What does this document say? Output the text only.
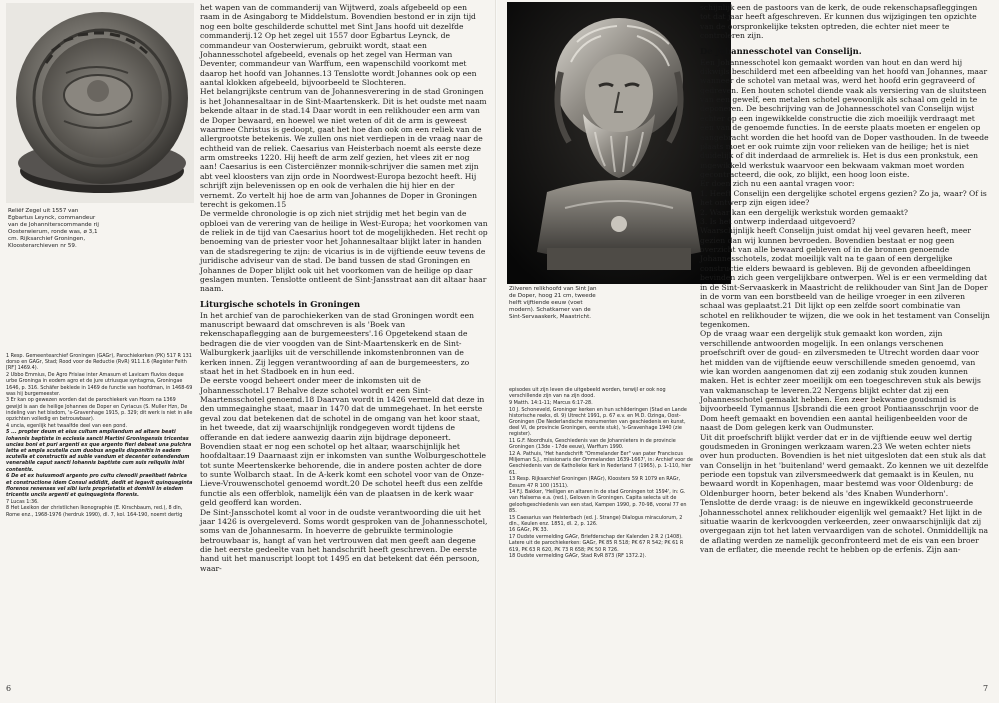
Reliëf Zegel uit 1557 van Egbartus Leynck, commandeur van de Johanniterscommande rij Oosterwierum, ronde was, ø 3,1 cm. Rijksarchief Groningen, Kloosterarchieven nr 59.

1 Resp. Gemeentearchief Groningen (GAGr), Parochiekerken (PK) 517 R 131 dorso en GAGr, Stad; Rood voor de Reductie (RvR) 911.1.6 (Register Feith [RF] 1469.4).

2 Ubbo Emmius, De Agro Frisiae inter Amasum et Lavicam fluvios deque urbe Groninga in eodem agro et de jure utriusque syntagma, Groningae 1646, p. 316. Schäfer beklede in 1469 de functie van hoofdman, in 1468-69 was hij burgemeester.

3 Er kan op gewezen worden dat de parochiekerk van Hoorn na 1369 gewijd is aan de heilige Johannes de Doper en Cyriacus (S. Muller Hzn, De indeling van het bisdom, 's-Gravenhage 1915, p. 329; dit werk is niet in alle opzichten volledig en betrouwbaar).

4 uncia, egenlijk het twaalfde deel van een pond.

5 ... propter deum et eius cultum ampliandum ad altare beati Iohannis baptiste in ecclesia sancti Martini Groningensis tricentas uncias boni et puri argenti ex que argento fieri debeat una pulchra latta et ampla scutella cum duobus angelis disponitis in eadem scutella et constructis ad suble vandum et decenter ostendendum venerabile caput sancti Iohannis baptiste cum suis reliquiis inibi contentis.

6 De et ex huiusmodi argento pro cultu clenodii praelibati fabrica et constructione idem Consul addidit, dedit et legavit quinquaginta florenos renenses vel sibi iuris proprietatis et dominii in eisdem tricentis unciis argenti et quinquaginta florenis.

7 Lucas 1:36.

8 Het Lexikon der christlichen Ikonographie (E. Kirschbaum, red.), 8 dln, Rome enz., 1968-1976 (herdruk 1990), dl. 7, kol. 164-190, noemt dertig

het wapen van de commanderij van Wijtwerd, zoals afgebeeld op een raam in de Asingaborg te Middelstum. Bovendien bestond er in zijn tijd nog een bolte geschilderde schuttel met Sint Jans hoofd uit dezelfde commanderij.12 Op het zegel uit 1557 door Egbartus Leynck, de commandeur van Oosterwierum, gebruikt wordt, staat een Johannesschotel afgebeeld, evenals op het zegel van Herman van Deventer, commandeur van Warffum, een wapenschild voorkomt met daarop het hoofd van Johannes.13 Tenslotte wordt Johannes ook op een aantal klokken afgebeeld, bijvoorbeeld te Slochteren.

Het belangrijkste centrum van de Johannesverering in de stad Groningen is het Johannesaltaar in de Sint-Maartenskerk. Dit is het oudste met naam bekende altaar in de stad.14 Daar wordt in een relikhouder een arm van de Doper bewaard, en hoewel we niet weten of dit de arm is geweest waarmee Christus is gedoopt, gaat het hoe dan ook om een reliek van de allergrootste betekenis. We zullen ons niet verdiepen in de vraag naar de echtheid van de reliek. Caesarius van Heisterbach noemt als eerste deze arm omstreeks 1220. Hij heeft de arm zelf gezien, het vlees zit er nog aan! Caesarius is een Cisterciënzer monnik-schrijver die samen met zijn abt veel kloosters van zijn orde in Noordwest-Europa bezocht heeft. Hij schrijft zijn belevenissen op en ook de verhalen die hij hier en der vernemt. Zo vertelt hij hoe de arm van Johannes de Doper in Groningen terecht is gekomen.15

De vermelde chronologie is op zich niet strijdig met het begin van de opbloei van de verering van de heilige in West-Europa; het voorkomen van de reliek in de tijd van Caesarius hoort tot de mogelijkheden. Het recht op benoeming van de priester voor het Johannesaltaar blijkt later in handen van de stadsregering te zijn: de vicarius is in de vijftiende eeuw tevens de juridische adviseur van de stad. De band tussen de stad Groningen en Johannes de Doper blijkt ook uit het voorkomen van de heilige op daar geslagen munten. Tenslotte ontleent de Sint-Jansstraat aan dit altaar haar naam.

Liturgische schotels in Groningen

In het archief van de parochiekerken van de stad Groningen wordt een manuscript bewaard dat omschreven is als 'Boek van rekenschapaflegging aan de burgemeesters'.16 Opgetekend staan de bedragen die de vier voogden van de Sint-Maartenskerk en de Sint-Walburgkerk jaarlijks uit de verschillende inkomstenbronnen van de kerken innen. Zij leggen verantwoording af aan de burgemeesters, zo staat het in het Stadboek en in hun eed.

De eerste voogd beheert onder meer de inkomsten uit de Johannesschotel.17 Behalve deze schotel wordt er een Sint-Maartensschotel genoemd.18 Daarvan wordt in 1426 vermeld dat deze in den ummegainghe staat, maar in 1470 dat de ummegehaet. In het eerste geval zou dat betekenen dat de schotel in de omgang van het koor staat, in het tweede, dat zij waarschijnlijk rondgegeven wordt tijdens de offerande en dat iedere aanwezig daarin zijn bijdrage deponeert. Bovendien staat er nog een schotel op het altaar, waarschijnlijk het hoofdaltaar.19 Daarnaast zijn er inkomsten van sunthe Wolburgeschottele tot sunte Meertenskerke behorende, die in andere posten achter de dore to sunte Wolbarch staat. In de A-kerk komt een schotel voor van de Onze-Lieve-Vrouwenschotel genoemd wordt.20 De schotel heeft dus een zelfde functie als een offerblok, namelijk één van de plaatsen in de kerk waar geld geofferd kan worden.

De Sint-Jansschotel komt al voor in de oudste verantwoording die uit het jaar 1426 is overgeleverd. Soms wordt gesproken van de Johannesschotel, soms van de Johannesarm. In hoeverre de gebruikte terminologie betrouwbaar is, hangt af van het vertrouwen dat men geeft aan degene die het eerste gedeelte van het handschrift heeft geschreven. De eerste hand uit het manuscript loopt tot 1495 en dat betekent dat één persoon, waar-

6

Zilveren relikhoofd van Sint Jan de Doper, hoog 21 cm, tweede helft vijftiende eeuw (voet modern). Schatkamer van de Sint-Servaaskerk, Maastricht.

episodes uit zijn leven die uitgebeeld worden, terwijl er ook nog verschillende zijn van na zijn dood.

9 Matth. 14:1-11; Marcus 6:17-28.

10 J. Schoneveld, Groninger kerken en hun schilderingen (Stad en Lande historische reeks, dl. 9) Utrecht 1991, p. 67 e.v. en M.D. Ozinga, Oost-Groningen (De Nederlandsche monumenten van geschiedenis en kunst, deel VI, de provincie Groningen, eerste stuk), 's-Gravenhage 1940 (zie register).

11 G.F. Noordhuis, Geschiedenis van de Johannieters in de provincie Groningen (13de - 17de eeuw), Warffum 1990.

12 A. Pathuis, 'Het handschrift "Ommelander Eer" van pater Franciscus Miljeman S.J., missionaris der Ommelanden 1639-1667', in: Archief voor de Geschiedenis van de Katholieke Kerk in Nederland 7 (1965), p. 1-110, hier 61.

13 Resp. Rijksarchief Groningen (RAGr), Kloosters 59 R 1079 en RAGr, Eesum 47 R 100 (1511).

14 F.J. Bakker, 'Heiligen en altaren in de stad Groningen tot 1594', in: G. van Halsema e.a. (red.), Geloven in Groningen. Capita selecta uit de geloofsgeschiedenis van een stad, Kampen 1990, p. 70-98, vooral 77 en 85.

15 Caesarius van Heisterbach (ed. J. Strange) Dialogus miraculorum, 2 dln., Keulen enz. 1851, dl. 2, p. 126.

16 GAGr, PK 33.

17 Oudste vermelding GAGr, Briefderschap der Kalenden 2 R 2 (1408). Latere uit de parochiekerken: GAGr, PK 85 R 518; PK 67 R 542; PK 61 R 619, PK 63 R 620, PK 73 R 658; PK 50 R 726.

18 Oudste vermelding GAGr, Stad RvR 873 (RF 1372.2).

schijnlijk een de pastoors van de kerk, de oude rekenschapsafleggingen tot dat jaar heeft afgeschreven. Er kunnen dus wijzigingen ten opzichte van de oorspronkelijke teksten optreden, die echter niet meer te controleren zijn.

De Johannesschotel van Conselijn.

Een Johannesschotel kon gemaakt worden van hout en dan werd hij dikwijls beschilderd met een afbeelding van het hoofd van Johannes, maar wanneer de schotel van metaal was, werd het hoofd erin gegraveerd of gedreven. Een houten schotel diende vaak als versiering van de sluitsteen van een gewelf, een metalen schotel gewoonlijk als schaal om geld in te deponeren. De beschrijving van de Johannesschotel van Conselijn wijst echter op een ingewikkelde constructie die zich moeilijk verdraagt met één van de genoemde functies. In de eerste plaats moeten er engelen op aangebracht worden die het hoofd van de Doper vasthouden. In de tweede plaats moet er ook ruimte zijn voor relieken van de heilige; het is niet duidelijk of dit inderdaad de armreliek is. Het is dus een pronkstuk, een ingewikkeld werkstuk waarvoor een bekwaam vakman moet worden gecontracteerd, die ook, zo blijkt, een hoog loon eiste.

Er doen zich nu een aantal vragen voor:

1. Heeft Conselijn een dergelijke schotel ergens gezien? Zo ja, waar? Of is het ontwerp zijn eigen idee?

2. Waar kan een dergelijk werkstuk worden gemaakt?

3. Is het ontwerp inderdaad uitgevoerd?

Waarschijnlijk heeft Conselijn juist omdat hij veel gevaren heeft, meer gezien dan wij kunnen bevroeden. Bovendien bestaat er nog geen overzicht van alle bewaard gebleven of in de bronnen genoemde Johannesschotels, zodat moeilijk valt na te gaan of een dergelijke constructie elders bewaard is gebleven. Bij de gevonden afbeeldingen bevinden zich geen vergelijkbare ontwerpen. Wel is er een vermelding dat in de Sint-Servaaskerk in Maastricht de relikhouder van Sint Jan de Doper in de vorm van een borstbeeld van de heilige vroeger in een zilveren schaal was geplaatst.21 Dit lijkt op een zelfde soort combinatie van schotel en relikhouder te wijzen, die we ook in het testament van Conselijn tegenkomen.

Op de vraag waar een dergelijk stuk gemaakt kon worden, zijn verschillende antwoorden mogelijk. In een onlangs verschenen proefschrift over de goud- en zilversmeden te Utrecht worden daar voor het midden van de vijftiende eeuw verschillende smeden genoemd, van wie kan worden aangenomen dat zij een zodanig stuk zouden kunnen maken. Het is echter zeer moeilijk om een toegeschreven stuk als bewijs van vakmanschap te leveren.22 Nergens blijkt echter dat zij een Johannesschotel gemaakt hebben. Een zeer bekwame goudsmid is bijvoorbeeld Tymannus IJsbrandi die een groot Pontiaansschrijn voor de Dom heeft gemaakt en bovendien een aantal heiligenbeelden voor de naast de Dom gelegen kerk van Oudmunster.

Uit dit proefschrift blijkt verder dat er in de vijftiende eeuw wel dertig goudsmeden in Groningen werkzaam waren.23 We weten echter niets over hun producten. Bovendien is het niet uitgesloten dat een stuk als dat van Conselijn in het 'buitenland' werd gemaakt. Zo kennen we uit dezelfde periode een topstuk van zilversmeedwerk dat gemaakt is in Keulen, nu bewaard wordt in Kopenhagen, maar bestemd was voor Oldenburg: de Oldenburger hoorn, beter bekend als 'des Knaben Wunderhorn'.

Tenslotte de derde vraag: is de nieuwe en ingewikkeld geconstrueerde Johannesschotel annex relikhouder eigenlijk wel gemaakt? Het lijkt in de situatie waarin de kerkvoogden verkeerden, zeer onwaarschijnlijk dat zij overgegaan zijn tot het laten vervaardigen van de schotel. Onmiddellijk na de aflating werden ze namelijk geconfronteerd met de eis van een broer van de erflater, die meende recht te hebben op de erfenis. Zijn aan-

7
